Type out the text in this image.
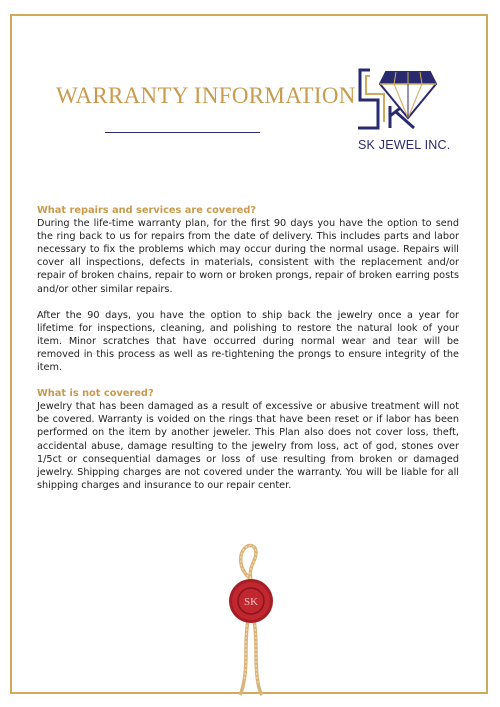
WARRANTY INFORMATION
SK JEWEL INC.

What repairs and services are covered?

During the life-time warranty plan, for the first 90 days you have the option to send the ring back to us for repairs from the date of delivery. This includes parts and labor necessary to fix the problems which may occur during the normal usage. Repairs will cover all inspections, defects in materials, consistent with the replacement and/or repair of broken chains, repair to worn or broken prongs, repair of broken earring posts and/or other similar repairs.

After the 90 days, you have the option to ship back the jewelry once a year for lifetime for inspections, cleaning, and polishing to restore the natural look of your item. Minor scratches that have occurred during normal wear and tear will be removed in this process as well as re-tightening the prongs to ensure integrity of the item.

What is not covered?

Jewelry that has been damaged as a result of excessive or abusive treatment will not be covered. Warranty is voided on the rings that have been reset or if labor has been performed on the item by another jeweler. This Plan also does not cover loss, theft, accidental abuse, damage resulting to the jewelry from loss, act of god, stones over 1/5ct or consequential damages or loss of use resulting from broken or damaged jewelry. Shipping charges are not covered under the warranty. You will be liable for all shipping charges and insurance to our repair center.

SK
